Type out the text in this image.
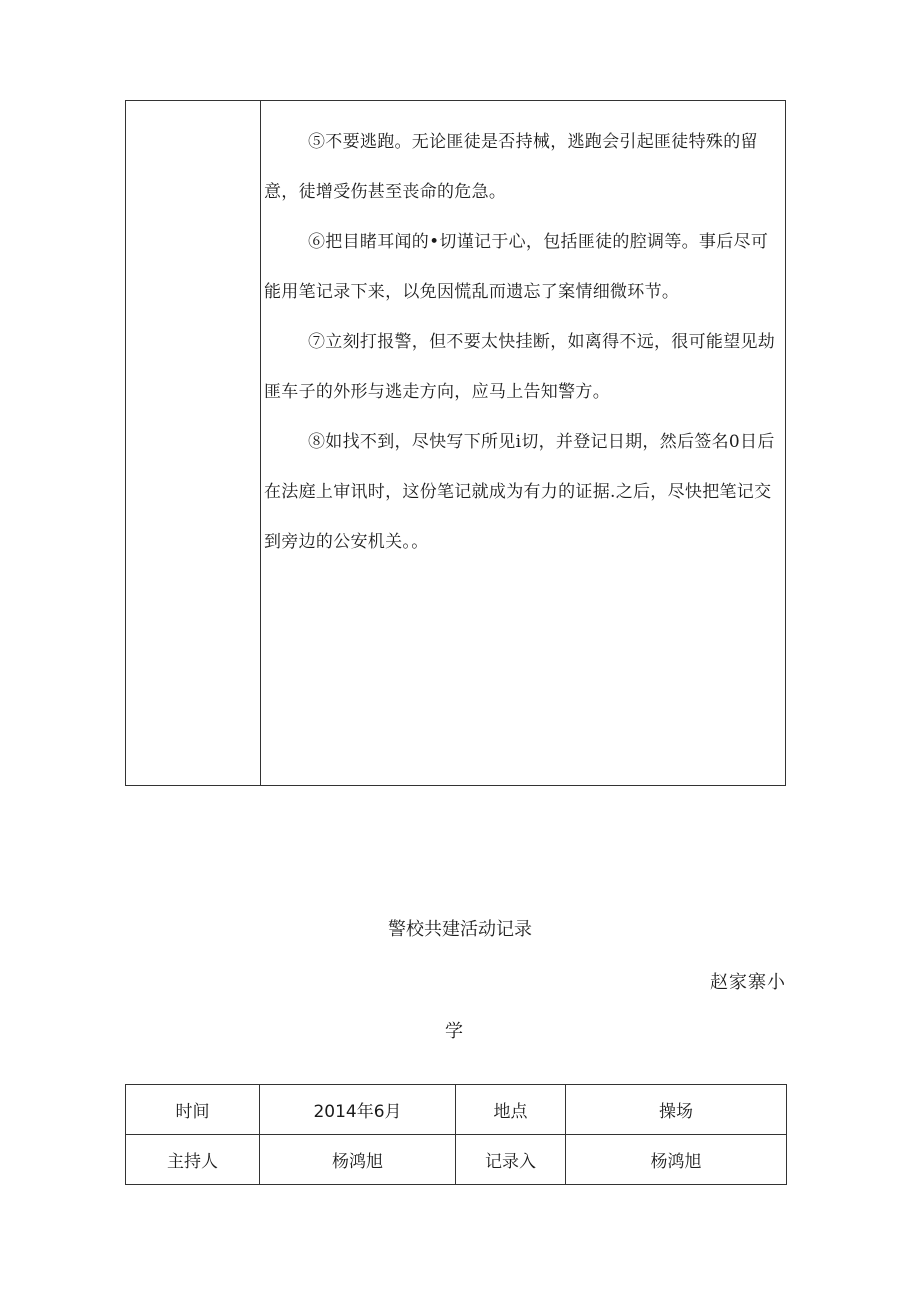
⑤不要逃跑。无论匪徒是否持械，逃跑会引起匪徒特殊的留意，徒增受伤甚至丧命的危急。

⑥把目睹耳闻的•切谨记于心，包括匪徒的腔调等。事后尽可能用笔记录下来，以免因慌乱而遗忘了案情细微环节。

⑦立刻打报警，但不要太快挂断，如离得不远，很可能望见劫匪车子的外形与逃走方向，应马上告知警方。

⑧如找不到，尽快写下所见i切，并登记日期，然后签名0日后在法庭上审讯时，这份笔记就成为有力的证据.之后，尽快把笔记交到旁边的公安机关。。

警校共建活动记录
赵家寨小
学
时间	2014年6月	地点	操场
主持人	杨鸿旭	记录入	杨鸿旭
